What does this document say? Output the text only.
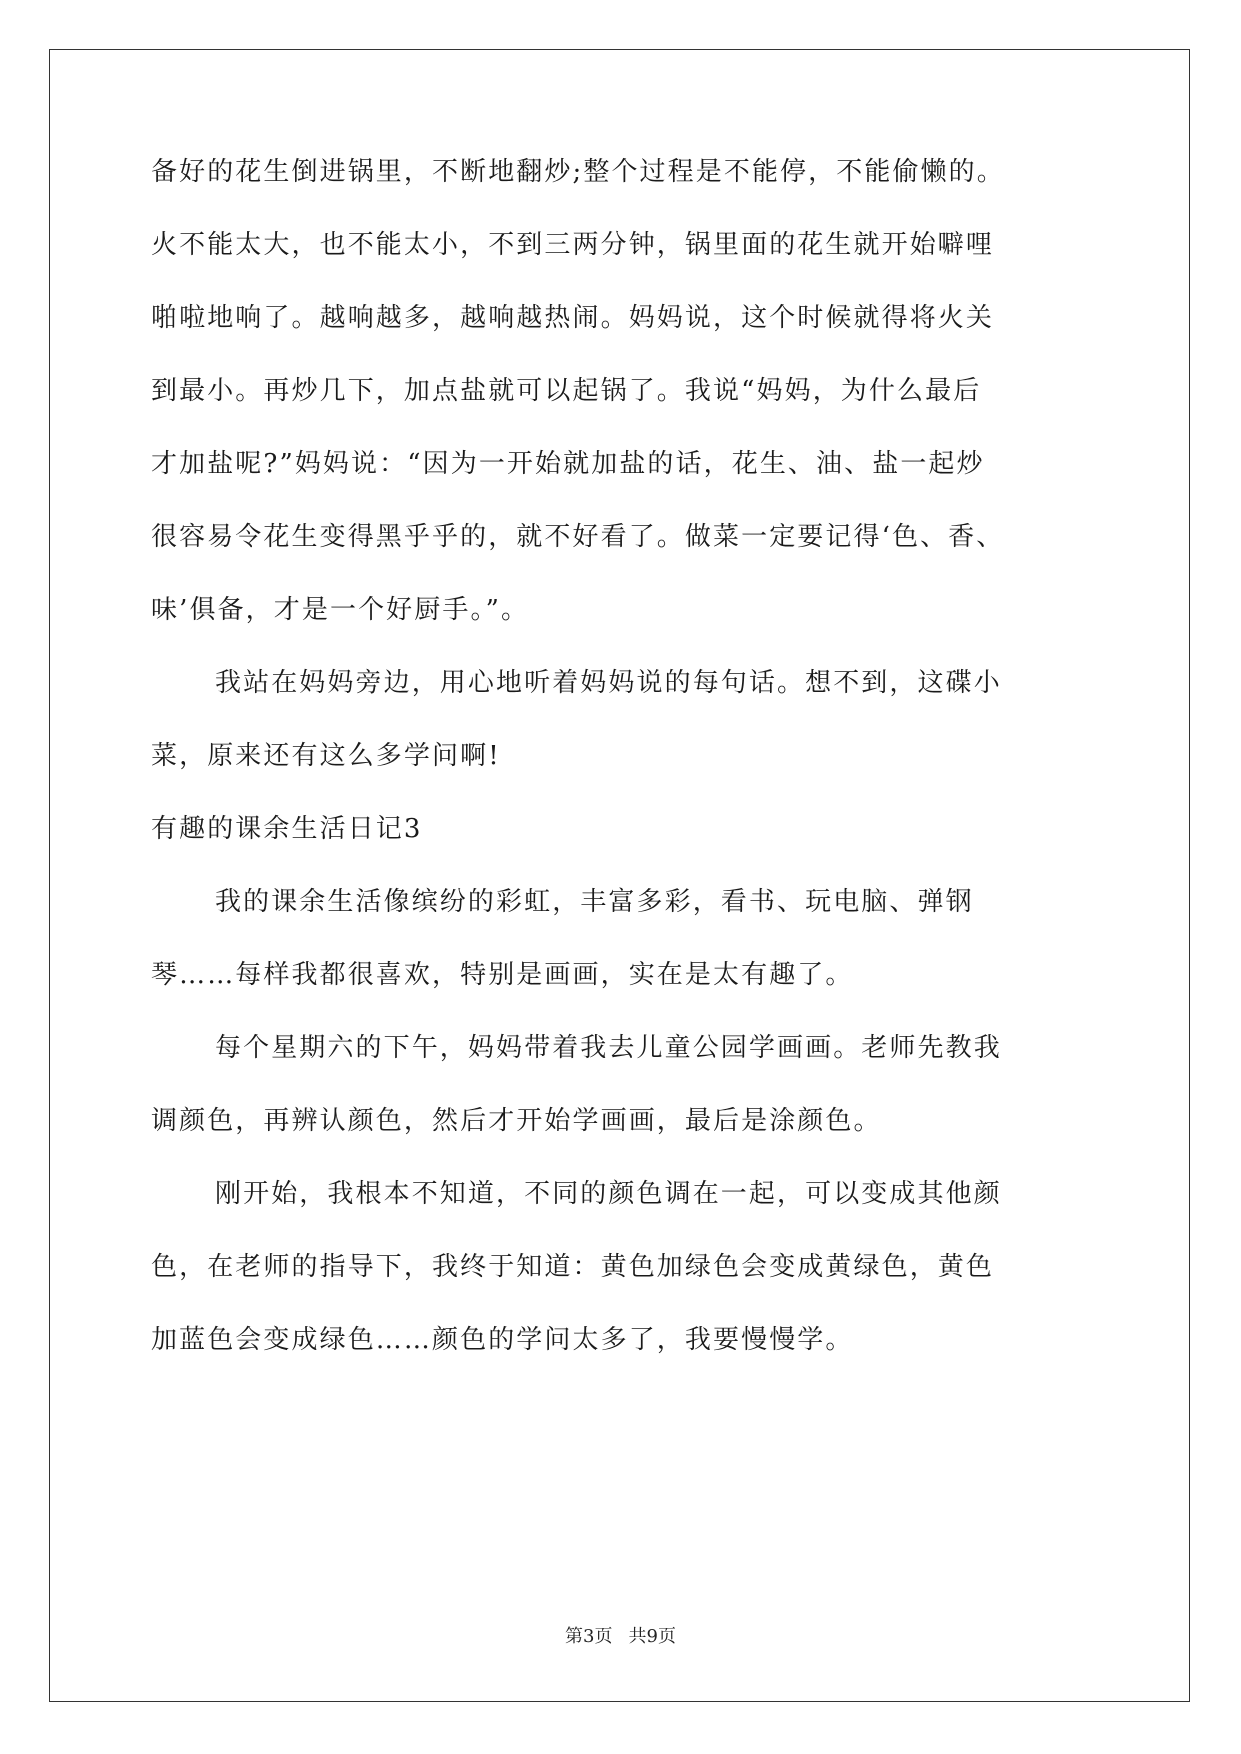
备好的花生倒进锅里，不断地翻炒;整个过程是不能停，不能偷懒的。
火不能太大，也不能太小，不到三两分钟，锅里面的花生就开始噼哩
啪啦地响了。越响越多，越响越热闹。妈妈说，这个时候就得将火关
到最小。再炒几下，加点盐就可以起锅了。我说“妈妈，为什么最后
才加盐呢?”妈妈说：“因为一开始就加盐的话，花生、油、盐一起炒
很容易令花生变得黑乎乎的，就不好看了。做菜一定要记得‘色、香、
味’俱备，才是一个好厨手。”。
我站在妈妈旁边，用心地听着妈妈说的每句话。想不到，这碟小
菜，原来还有这么多学问啊!
有趣的课余生活日记3
我的课余生活像缤纷的彩虹，丰富多彩，看书、玩电脑、弹钢
琴……每样我都很喜欢，特别是画画，实在是太有趣了。
每个星期六的下午，妈妈带着我去儿童公园学画画。老师先教我
调颜色，再辨认颜色，然后才开始学画画，最后是涂颜色。
刚开始，我根本不知道，不同的颜色调在一起，可以变成其他颜
色，在老师的指导下，我终于知道：黄色加绿色会变成黄绿色，黄色
加蓝色会变成绿色……颜色的学问太多了，我要慢慢学。
第3页 共9页
